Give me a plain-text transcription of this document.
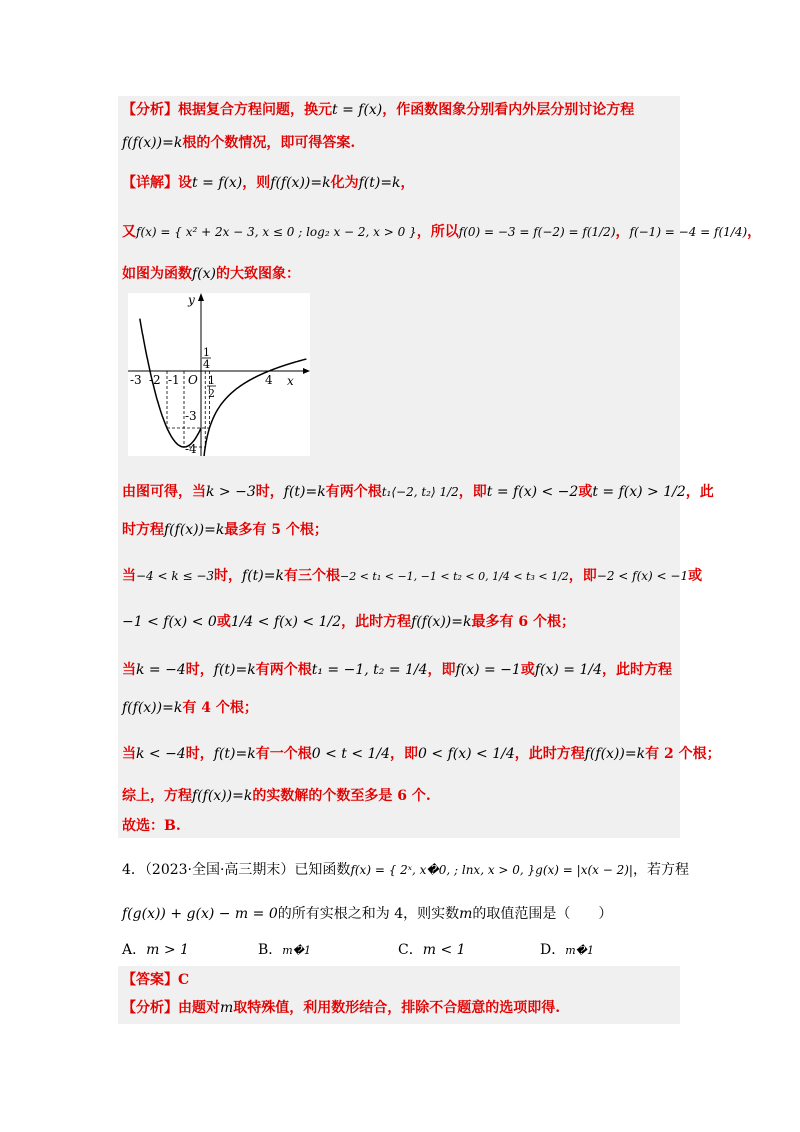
【分析】根据复合方程问题，换元t = f(x)，作函数图象分别看内外层分别讨论方程
f(f(x))=k根的个数情况，即可得答案.
【详解】设t = f(x)，则f(f(x))=k化为f(t)=k，
又f(x) = { x² + 2x − 3, x ≤ 0 ; log₂ x − 2, x > 0 }，所以f(0) = −3 = f(−2) = f(1/2)，f(−1) = −4 = f(1/4)，
如图为函数f(x)的大致图象：
y
x
O
-3 -2 -1	4
1
2
1
4
-3
-4
由图可得，当k > −3时，f(t)=k有两个根t₁⟨−2, t₂⟩ 1/2，即t = f(x) < −2或t = f(x) > 1/2，此
时方程f(f(x))=k最多有 5 个根；
当−4 < k ≤ −3时，f(t)=k有三个根−2 < t₁ < −1, −1 < t₂ < 0, 1/4 < t₃ < 1/2，即−2 < f(x) < −1或
−1 < f(x) < 0或1/4 < f(x) < 1/2，此时方程f(f(x))=k最多有 6 个根；
当k = −4时，f(t)=k有两个根t₁ = −1, t₂ = 1/4，即f(x) = −1或f(x) = 1/4，此时方程
f(f(x))=k有 4 个根；
当k < −4时，f(t)=k有一个根0 < t < 1/4，即0 < f(x) < 1/4，此时方程f(f(x))=k有 2 个根；
综上，方程f(f(x))=k的实数解的个数至多是 6 个.
故选：B.
4．（2023·全国·高三期末）已知函数f(x) = { 2ˣ, x�0, ; lnx, x > 0, }g(x) = |x(x − 2)|，若方程
f(g(x)) + g(x) − m = 0的所有实根之和为 4，则实数m的取值范围是（　　）
A．m > 1	B．m�1	C．m < 1	D．m�1
【答案】C
【分析】由题对m取特殊值，利用数形结合，排除不合题意的选项即得.
